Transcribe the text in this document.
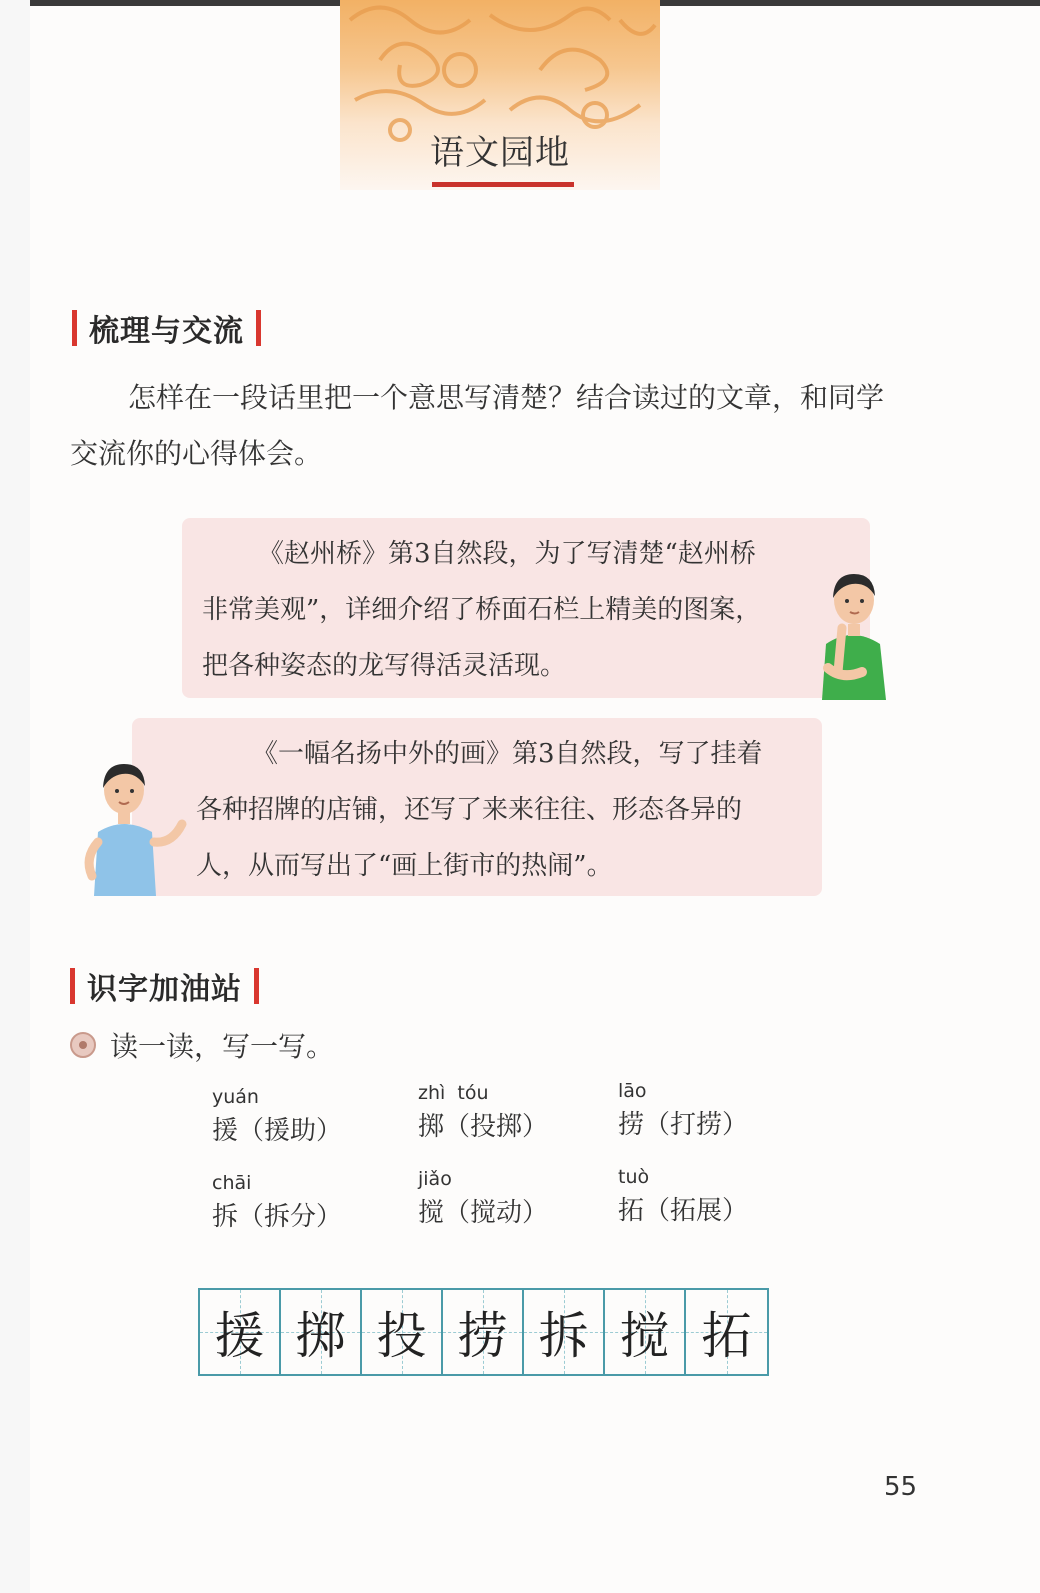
语文园地
梳理与交流
怎样在一段话里把一个意思写清楚？结合读过的文章，和同学
交流你的心得体会。
《赵州桥》第3自然段，为了写清楚“赵州桥
非常美观”，详细介绍了桥面石栏上精美的图案，
把各种姿态的龙写得活灵活现。
《一幅名扬中外的画》第3自然段，写了挂着
各种招牌的店铺，还写了来来往往、形态各异的
人，从而写出了“画上街市的热闹”。
识字加油站
读一读，写一写。
yuán
援（援助）
zhì  tóu
掷（投掷）
lāo
捞（打捞）
chāi
拆（拆分）
jiǎo
搅（搅动）
tuò
拓（拓展）
援 掷 投 捞 拆 搅 拓
55
